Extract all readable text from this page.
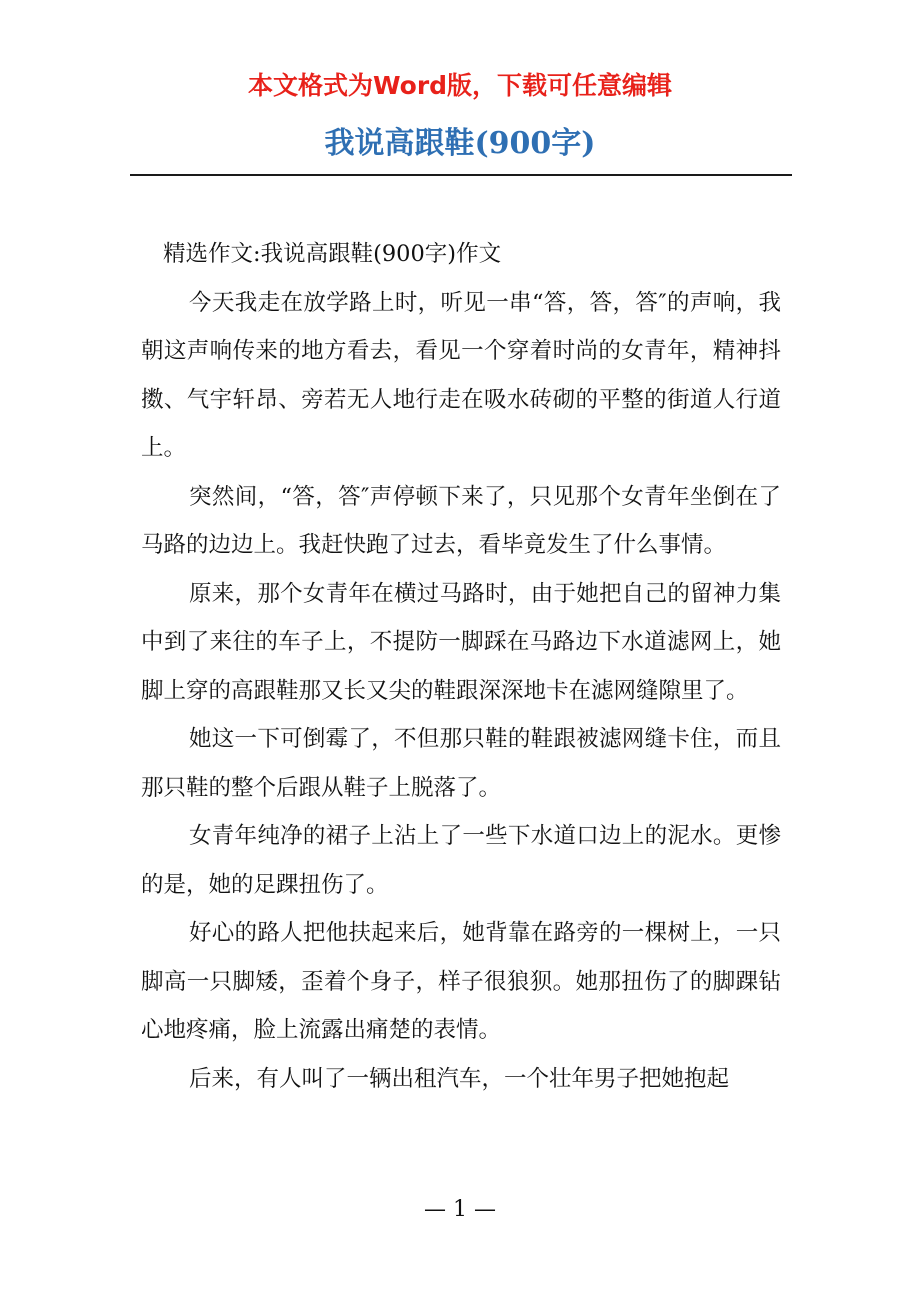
本文格式为Word版，下载可任意编辑
我说高跟鞋(900字)

精选作文:我说高跟鞋(900字)作文

今天我走在放学路上时，听见一串“答，答，答″的声响，我朝这声响传来的地方看去，看见一个穿着时尚的女青年，精神抖擞、气宇轩昂、旁若无人地行走在吸水砖砌的平整的街道人行道上。

突然间，“答，答″声停顿下来了，只见那个女青年坐倒在了马路的边边上。我赶快跑了过去，看毕竟发生了什么事情。

原来，那个女青年在横过马路时，由于她把自己的留神力集中到了来往的车子上，不提防一脚踩在马路边下水道滤网上，她脚上穿的高跟鞋那又长又尖的鞋跟深深地卡在滤网缝隙里了。

她这一下可倒霉了，不但那只鞋的鞋跟被滤网缝卡住，而且那只鞋的整个后跟从鞋子上脱落了。

女青年纯净的裙子上沾上了一些下水道口边上的泥水。更惨的是，她的足踝扭伤了。

好心的路人把他扶起来后，她背靠在路旁的一棵树上，一只脚高一只脚矮，歪着个身子，样子很狼狈。她那扭伤了的脚踝钻心地疼痛，脸上流露出痛楚的表情。

后来，有人叫了一辆出租汽车，一个壮年男子把她抱起

— 1 —
